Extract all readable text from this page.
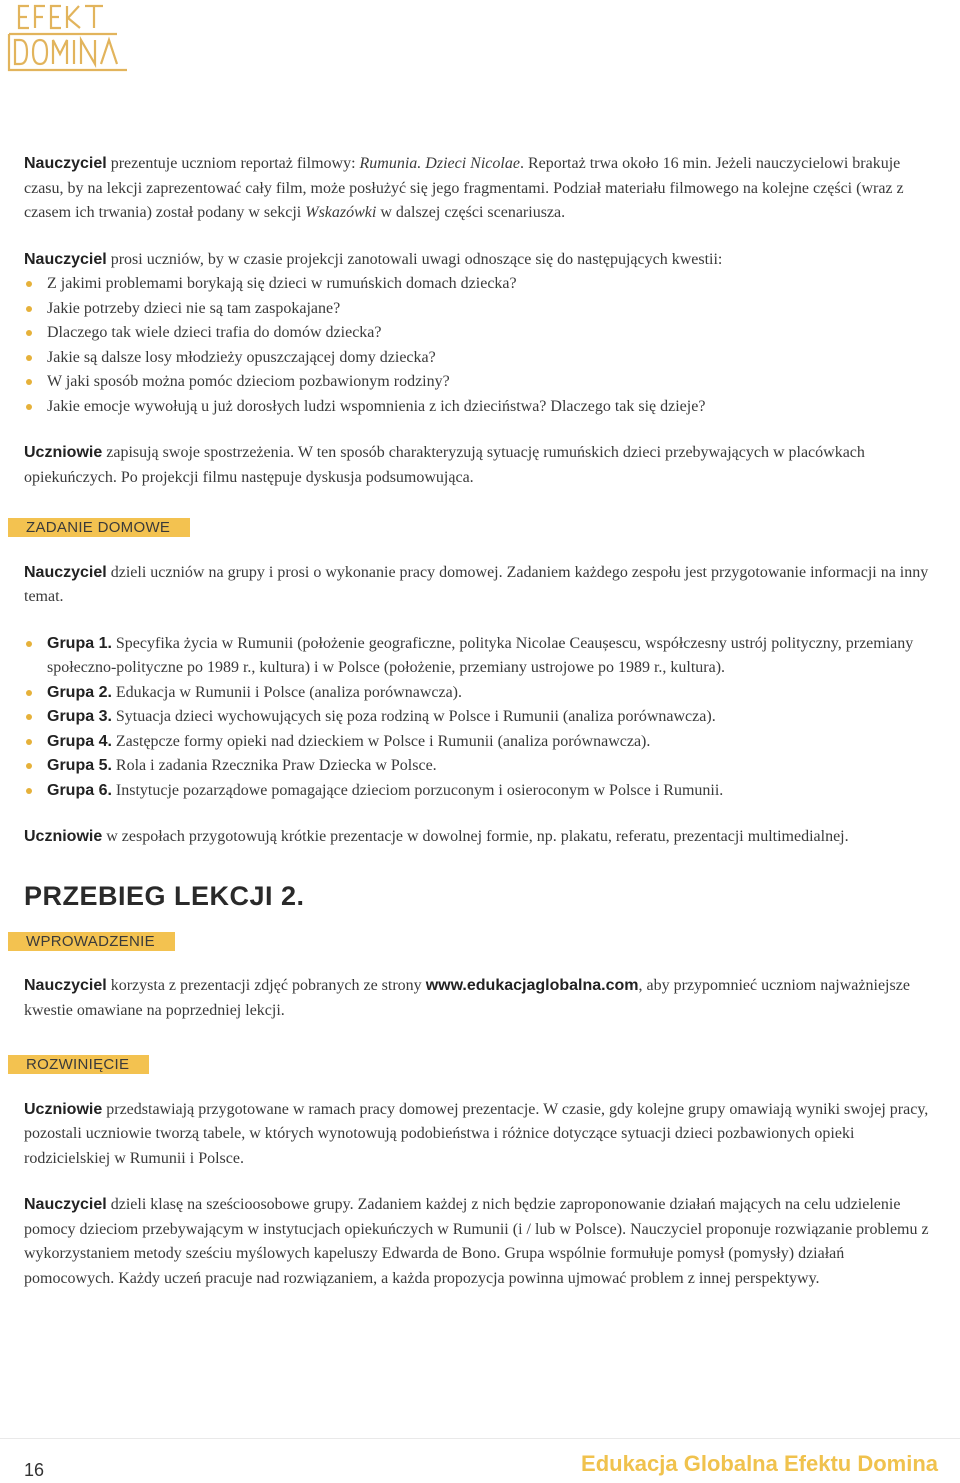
Nauczyciel prezentuje uczniom reportaż filmowy: Rumunia. Dzieci Nicolae. Reportaż trwa około 16 min. Jeżeli nauczycielowi brakuje czasu, by na lekcji zaprezentować cały film, może posłużyć się jego fragmentami. Podział materiału filmowego na kolejne części (wraz z czasem ich trwania) został podany w sekcji Wskazówki w dalszej części scenariusza.

Nauczyciel prosi uczniów, by w czasie projekcji zanotowali uwagi odnoszące się do następujących kwestii:

Z jakimi problemami borykają się dzieci w rumuńskich domach dziecka?
Jakie potrzeby dzieci nie są tam zaspokajane?
Dlaczego tak wiele dzieci trafia do domów dziecka?
Jakie są dalsze losy młodzieży opuszczającej domy dziecka?
W jaki sposób można pomóc dzieciom pozbawionym rodziny?
Jakie emocje wywołują u już dorosłych ludzi wspomnienia z ich dzieciństwa? Dlaczego tak się dzieje?

Uczniowie zapisują swoje spostrzeżenia. W ten sposób charakteryzują sytuację rumuńskich dzieci przebywających w placówkach opiekuńczych. Po projekcji filmu następuje dyskusja podsumowująca.

ZADANIE DOMOWE

Nauczyciel dzieli uczniów na grupy i prosi o wykonanie pracy domowej. Zadaniem każdego zespołu jest przygotowanie informacji na inny temat.

Grupa 1. Specyfika życia w Rumunii (położenie geograficzne, polityka Nicolae Ceaușescu, współczesny ustrój polityczny, przemiany społeczno-polityczne po 1989 r., kultura) i w Polsce (położenie, przemiany ustrojowe po 1989 r., kultura).
Grupa 2. Edukacja w Rumunii i Polsce (analiza porównawcza).
Grupa 3. Sytuacja dzieci wychowujących się poza rodziną w Polsce i Rumunii (analiza porównawcza).
Grupa 4. Zastępcze formy opieki nad dzieckiem w Polsce i Rumunii (analiza porównawcza).
Grupa 5. Rola i zadania Rzecznika Praw Dziecka w Polsce.
Grupa 6. Instytucje pozarządowe pomagające dzieciom porzuconym i osieroconym w Polsce i Rumunii.

Uczniowie w zespołach przygotowują krótkie prezentacje w dowolnej formie, np. plakatu, referatu, prezentacji multimedialnej.

PRZEBIEG LEKCJI 2.
WPROWADZENIE

Nauczyciel korzysta z prezentacji zdjęć pobranych ze strony www.edukacjaglobalna.com, aby przypomnieć uczniom najważniejsze kwestie omawiane na poprzedniej lekcji.

ROZWINIĘCIE

Uczniowie przedstawiają przygotowane w ramach pracy domowej prezentacje. W czasie, gdy kolejne grupy omawiają wyniki swojej pracy, pozostali uczniowie tworzą tabele, w których wynotowują podobieństwa i różnice dotyczące sytuacji dzieci pozbawionych opieki rodzicielskiej w Rumunii i Polsce.

Nauczyciel dzieli klasę na sześcioosobowe grupy. Zadaniem każdej z nich będzie zaproponowanie działań mających na celu udzielenie pomocy dzieciom przebywającym w instytucjach opiekuńczych w Rumunii (i / lub w Polsce). Nauczyciel proponuje rozwiązanie problemu z wykorzystaniem metody sześciu myślowych kapeluszy Edwarda de Bono. Grupa wspólnie formułuje pomysł (pomysły) działań pomocowych. Każdy uczeń pracuje nad rozwiązaniem, a każda propozycja powinna ujmować problem z innej perspektywy.

16	Edukacja Globalna Efektu Domina
